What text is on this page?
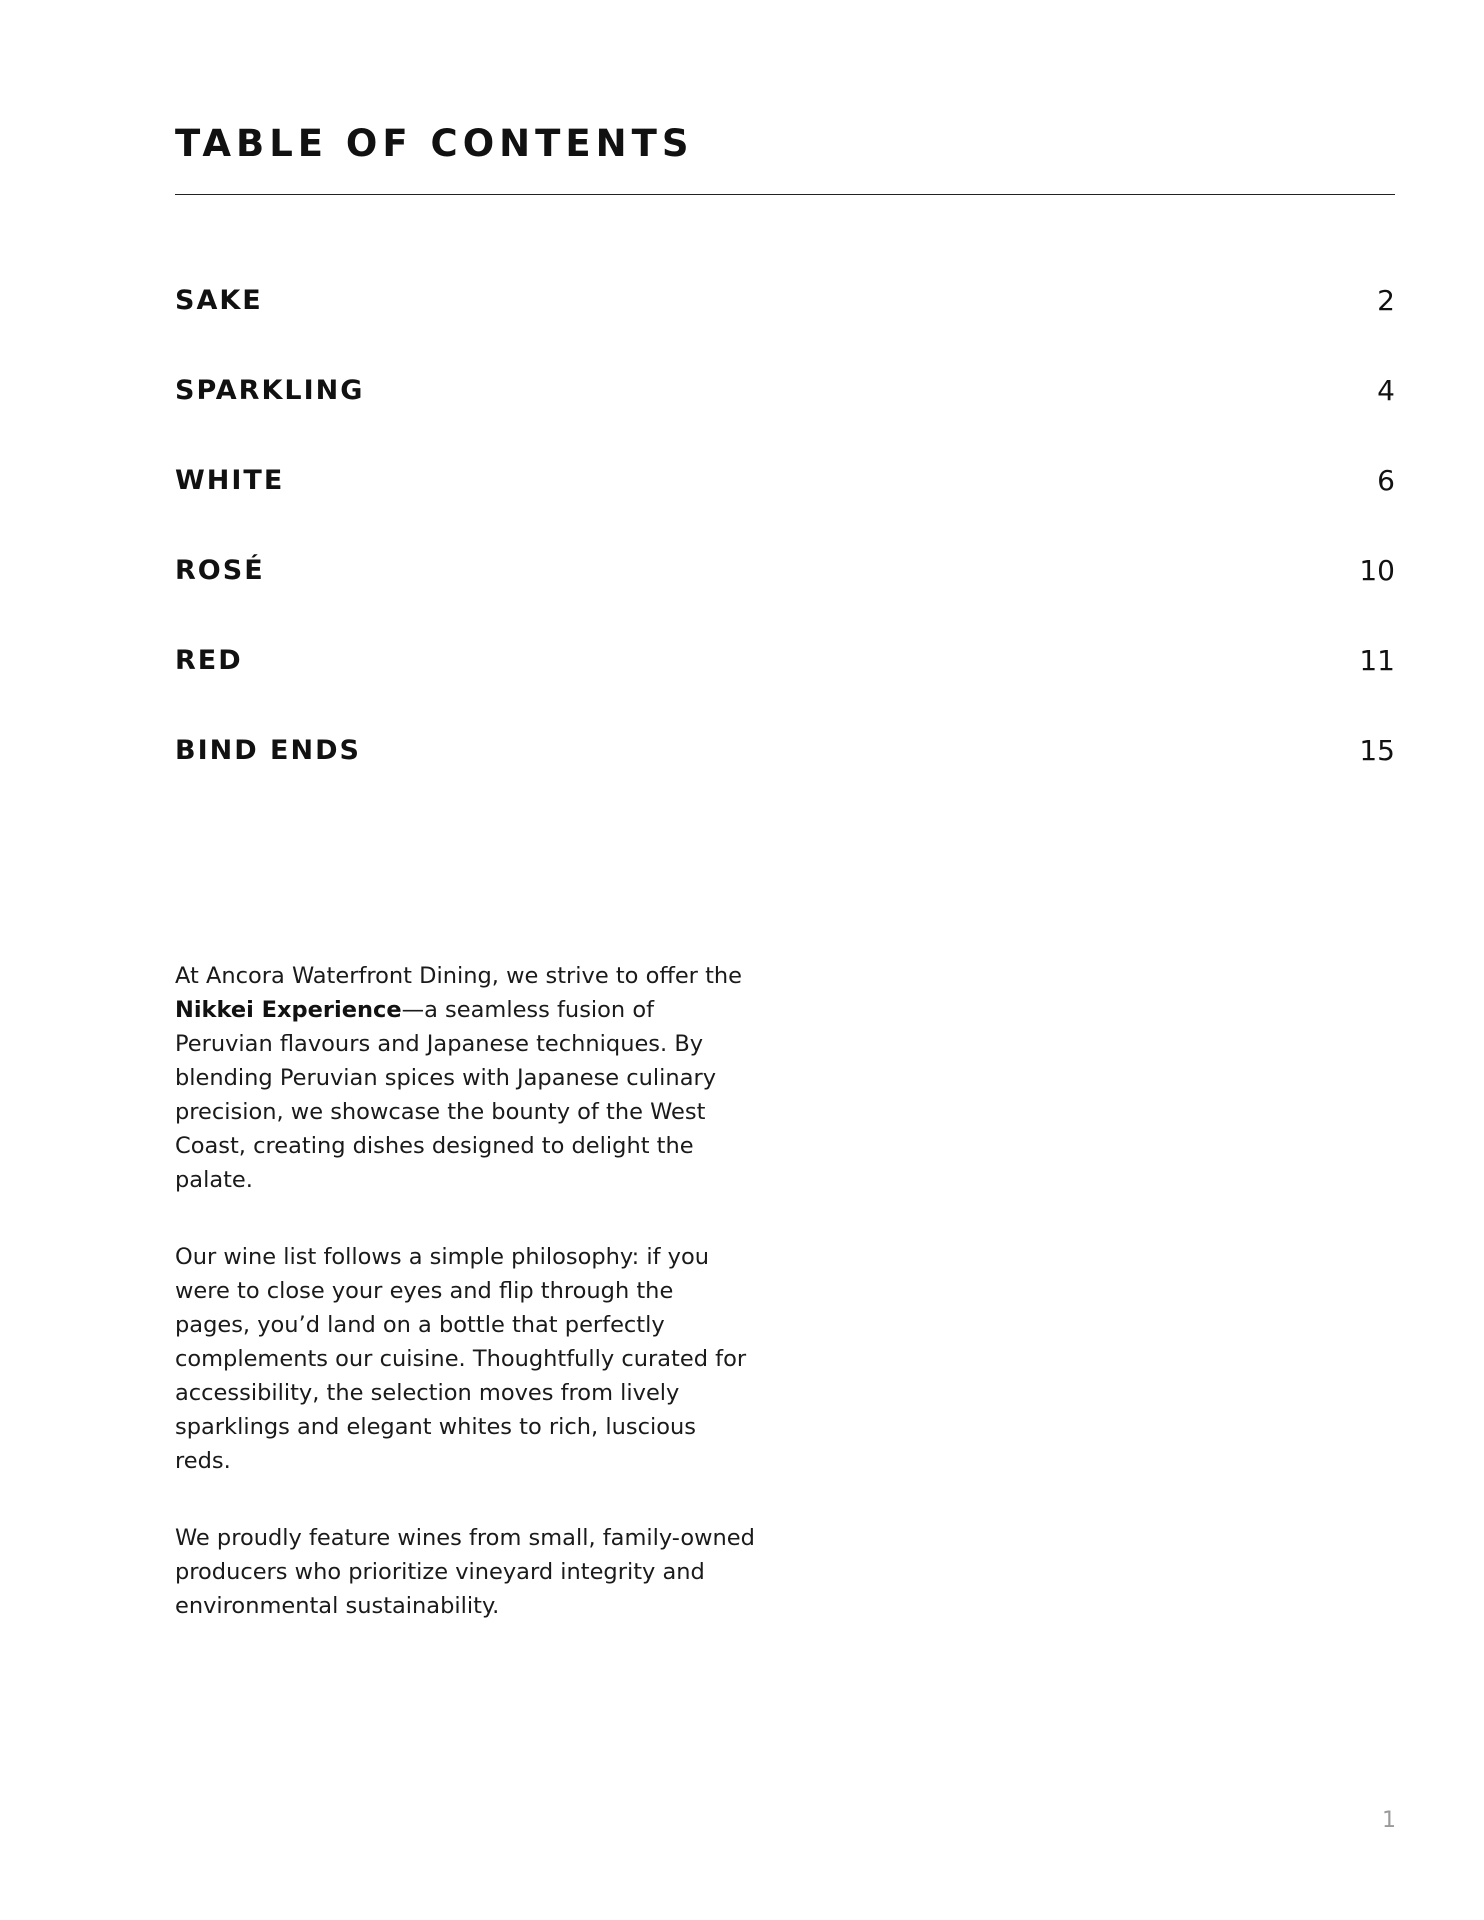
TABLE OF CONTENTS
SAKE	2
SPARKLING	4
WHITE	6
ROSÉ	10
RED	11
BIND ENDS	15

At Ancora Waterfront Dining, we strive to offer the Nikkei Experience—a seamless fusion of Peruvian flavours and Japanese techniques. By blending Peruvian spices with Japanese culinary precision, we showcase the bounty of the West Coast, creating dishes designed to delight the palate.

Our wine list follows a simple philosophy: if you were to close your eyes and flip through the pages, you’d land on a bottle that perfectly complements our cuisine. Thoughtfully curated for accessibility, the selection moves from lively sparklings and elegant whites to rich, luscious reds.

We proudly feature wines from small, family-owned producers who prioritize vineyard integrity and environmental sustainability.

1
